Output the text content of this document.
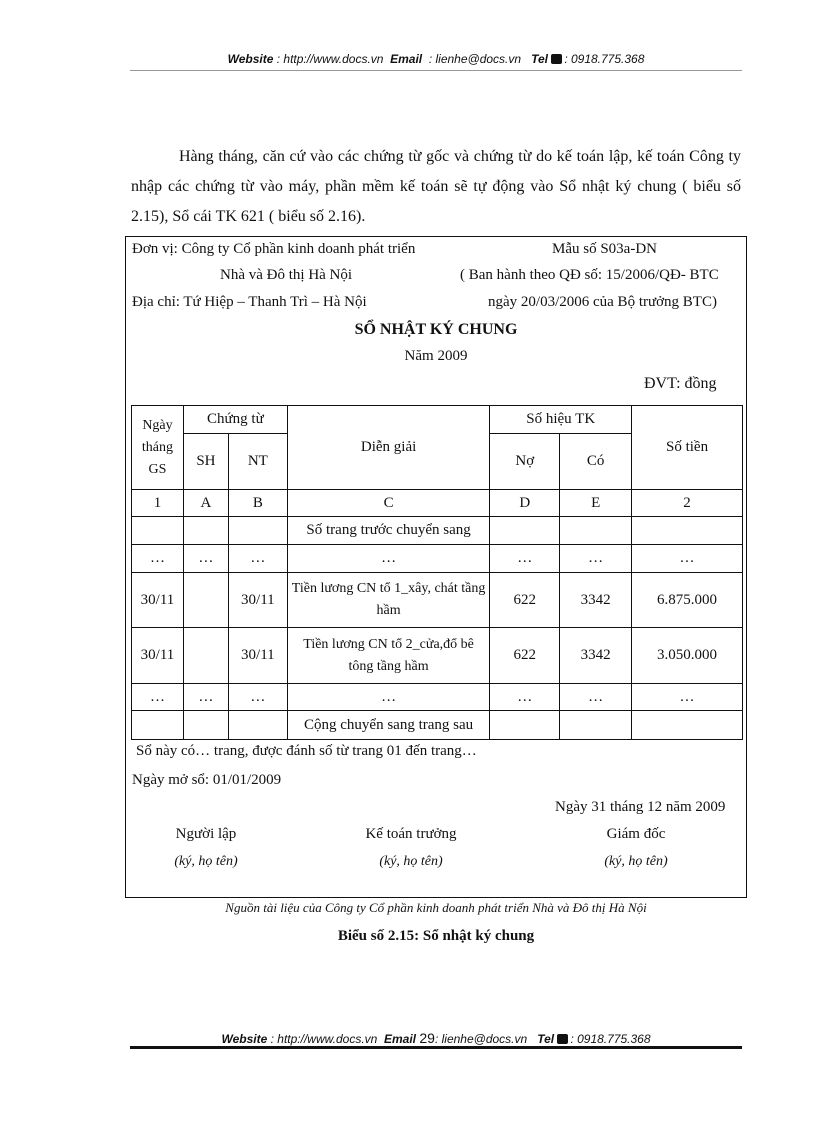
Website : http://www.docs.vn Email : lienhe@docs.vn Tel : 0918.775.368

Hàng tháng, căn cứ vào các chứng từ gốc và chứng từ do kế toán lập, kế toán Công ty nhập các chứng từ vào máy, phần mềm kế toán sẽ tự động vào Sổ nhật ký chung ( biểu số 2.15), Sổ cái TK 621 ( biểu số 2.16).

Đơn vị: Công ty Cổ phần kinh doanh phát triển
Nhà và Đô thị Hà Nội
Địa chỉ: Tứ Hiệp – Thanh Trì – Hà Nội
Mẫu số S03a-DN
( Ban hành theo QĐ số: 15/2006/QĐ- BTC
ngày 20/03/2006 của Bộ trưởng BTC)
SỔ NHẬT KÝ CHUNG
Năm 2009
ĐVT: đồng
Ngày tháng GS	Chứng từ		Diễn giải	Số hiệu TK		Số tiền
	SH	NT		Nợ	Có	
1	A	B	C	D	E	2
			Số trang trước chuyển sang			
…	…	…	…	…	…	…
30/11		30/11	Tiền lương CN tổ 1_xây, chát tầng hầm	622	3342	6.875.000
30/11		30/11	Tiền lương CN tổ 2_cửa,đổ bê tông tầng hầm	622	3342	3.050.000
…	…	…	…	…	…	…
			Cộng chuyển sang trang sau			
Sổ này có… trang, được đánh số từ trang 01 đến trang…
Ngày mở sổ: 01/01/2009
Ngày 31 tháng 12 năm 2009
Người lập
(ký, họ tên)
Kế toán trưởng
(ký, họ tên)
Giám đốc
(ký, họ tên)
Nguồn tài liệu của Công ty Cổ phần kinh doanh phát triển Nhà và Đô thị Hà Nội
Biểu số 2.15: Sổ nhật ký chung
Website : http://www.docs.vn Email 29: lienhe@docs.vn Tel : 0918.775.368
